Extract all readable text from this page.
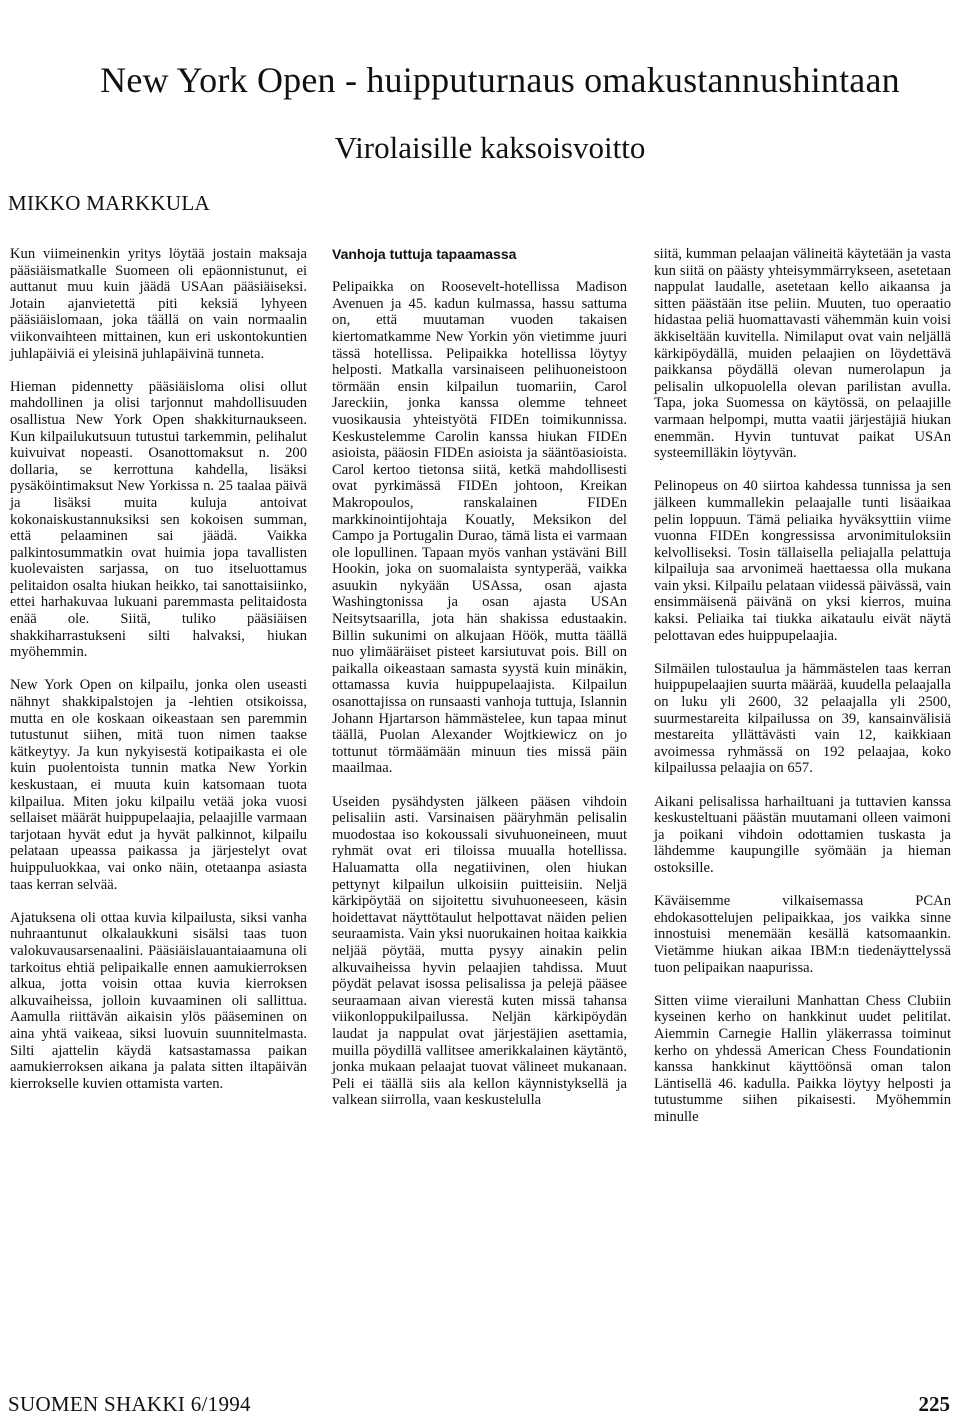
New York Open - huipputurnaus omakustannushintaan
Virolaisille kaksoisvoitto
MIKKO MARKKULA

Kun viimeinenkin yritys löytää jostain maksaja pääsiäismatkalle Suomeen oli epäonnistunut, ei auttanut muu kuin jäädä USAan pääsiäiseksi. Jotain ajanvietettä piti keksiä lyhyeen pääsiäislomaan, joka täällä on vain normaalin viikonvaihteen mittainen, kun eri uskontokuntien juhlapäiviä ei yleisinä juhlapäivinä tunneta.

Hieman pidennetty pääsiäisloma olisi ollut mahdollinen ja olisi tarjonnut mahdollisuuden osallistua New York Open shakkiturnaukseen. Kun kilpailukutsuun tutustui tarkemmin, pelihalut kuivuivat nopeasti. Osanottomaksut n. 200 dollaria, se kerrottuna kahdella, lisäksi pysäköintimaksut New Yorkissa n. 25 taalaa päivä ja lisäksi muita kuluja antoivat kokonaiskustannuksiksi sen kokoisen summan, että pelaaminen sai jäädä. Vaikka palkintosummatkin ovat huimia jopa tavallisten kuolevaisten sarjassa, on tuo itseluottamus pelitaidon osalta hiukan heikko, tai sanottaisiinko, ettei harhakuvaa lukuani paremmasta pelitaidosta enää ole. Siitä, tuliko pääsiäisen shakkiharrastukseni silti halvaksi, hiukan myöhemmin.

New York Open on kilpailu, jonka olen useasti nähnyt shakkipalstojen ja -lehtien otsikoissa, mutta en ole koskaan oikeastaan sen paremmin tutustunut siihen, mitä tuon nimen taakse kätkeytyy. Ja kun nykyisestä kotipaikasta ei ole kuin puolentoista tunnin matka New Yorkin keskustaan, ei muuta kuin katsomaan tuota kilpailua. Miten joku kilpailu vetää joka vuosi sellaiset määrät huippupelaajia, pelaajille varmaan tarjotaan hyvät edut ja hyvät palkinnot, kilpailu pelataan upeassa paikassa ja järjestelyt ovat huippuluokkaa, vai onko näin, otetaanpa asiasta taas kerran selvää.

Ajatuksena oli ottaa kuvia kilpailusta, siksi vanha nuhraantunut olkalaukkuni sisälsi taas tuon valokuvausarsenaalini. Pääsiäislauantaiaamuna oli tarkoitus ehtiä pelipaikalle ennen aamukierroksen alkua, jotta voisin ottaa kuvia kierroksen alkuvaiheissa, jolloin kuvaaminen oli sallittua. Aamulla riittävän aikaisin ylös pääseminen on aina yhtä vaikeaa, siksi luovuin suunnitelmasta. Silti ajattelin käydä katsastamassa paikan aamukierroksen aikana ja palata sitten iltapäivän kierrokselle kuvien ottamista varten.

Vanhoja tuttuja tapaamassa

Pelipaikka on Roosevelt-hotellissa Madison Avenuen ja 45. kadun kulmassa, hassu sattuma on, että muutaman vuoden takaisen kiertomatkamme New Yorkin yön vietimme juuri tässä hotellissa. Pelipaikka hotellissa löytyy helposti. Matkalla varsinaiseen pelihuoneistoon törmään ensin kilpailun tuomariin, Carol Jareckiin, jonka kanssa olemme tehneet vuosikausia yhteistyötä FIDEn toimikunnissa. Keskustelemme Carolin kanssa hiukan FIDEn asioista, pääosin FIDEn asioista ja sääntöasioista. Carol kertoo tietonsa siitä, ketkä mahdollisesti ovat pyrkimässä FIDEn johtoon, Kreikan Makropoulos, ranskalainen FIDEn markkinointijohtaja Kouatly, Meksikon del Campo ja Portugalin Durao, tämä lista ei varmaan ole lopullinen. Tapaan myös vanhan ystäväni Bill Hookin, joka on suomalaista syntyperää, vaikka asuukin nykyään USAssa, osan ajasta Washingtonissa ja osan ajasta USAn Neitsytsaarilla, jota hän shakissa edustaakin. Billin sukunimi on alkujaan Höök, mutta täällä nuo ylimääräiset pisteet karsiutuvat pois. Bill on paikalla oikeastaan samasta syystä kuin minäkin, ottamassa kuvia huippupelaajista. Kilpailun osanottajissa on runsaasti vanhoja tuttuja, Islannin Johann Hjartarson hämmästelee, kun tapaa minut täällä, Puolan Alexander Wojtkiewicz on jo tottunut törmäämään minuun ties missä päin maailmaa.

Useiden pysähdysten jälkeen pääsen vihdoin pelisaliin asti. Varsinaisen pääryhmän pelisalin muodostaa iso kokoussali sivuhuoneineen, muut ryhmät ovat eri tiloissa muualla hotellissa. Haluamatta olla negatiivinen, olen hiukan pettynyt kilpailun ulkoisiin puitteisiin. Neljä kärkipöytää on sijoitettu sivuhuoneeseen, käsin hoidettavat näyttötaulut helpottavat näiden pelien seuraamista. Vain yksi nuorukainen hoitaa kaikkia neljää pöytää, mutta pysyy ainakin pelin alkuvaiheissa hyvin pelaajien tahdissa. Muut pöydät pelavat isossa pelisalissa ja pelejä pääsee seuraamaan aivan vierestä kuten missä tahansa viikonloppukilpailussa. Neljän kärkipöydän laudat ja nappulat ovat järjestäjien asettamia, muilla pöydillä vallitsee amerikkalainen käytäntö, jonka mukaan pelaajat tuovat välineet mukanaan. Peli ei täällä siis ala kellon käynnistyksellä ja valkean siirrolla, vaan keskustelulla

siitä, kumman pelaajan välineitä käytetään ja vasta kun siitä on päästy yhteisymmärrykseen, asetetaan nappulat laudalle, asetetaan kello aikaansa ja sitten päästään itse peliin. Muuten, tuo operaatio hidastaa peliä huomattavasti vähemmän kuin voisi äkkiseltään kuvitella. Nimilaput ovat vain neljällä kärkipöydällä, muiden pelaajien on löydettävä paikkansa pöydällä olevan numerolapun ja pelisalin ulkopuolella olevan parilistan avulla. Tapa, joka Suomessa on käytössä, on pelaajille varmaan helpompi, mutta vaatii järjestäjiä hiukan enemmän. Hyvin tuntuvat paikat USAn systeemilläkin löytyvän.

Pelinopeus on 40 siirtoa kahdessa tunnissa ja sen jälkeen kummallekin pelaajalle tunti lisäaikaa pelin loppuun. Tämä peliaika hyväksyttiin viime vuonna FIDEn kongressissa arvonimituloksiin kelvolliseksi. Tosin tällaisella peliajalla pelattuja kilpailuja saa arvonimeä haettaessa olla mukana vain yksi. Kilpailu pelataan viidessä päivässä, vain ensimmäisenä päivänä on yksi kierros, muina kaksi. Peliaika tai tiukka aikataulu eivät näytä pelottavan edes huippupelaajia.

Silmäilen tulostaulua ja hämmästelen taas kerran huippupelaajien suurta määrää, kuudella pelaajalla on luku yli 2600, 32 pelaajalla yli 2500, suurmestareita kilpailussa on 39, kansainvälisiä mestareita yllättävästi vain 12, kaikkiaan avoimessa ryhmässä on 192 pelaajaa, koko kilpailussa pelaajia on 657.

Aikani pelisalissa harhailtuani ja tuttavien kanssa keskusteltuani päästän muutamani olleen vaimoni ja poikani vihdoin odottamien tuskasta ja lähdemme kaupungille syömään ja hieman ostoksille.

Käväisemme vilkaisemassa PCAn ehdokasottelujen pelipaikkaa, jos vaikka sinne innostuisi menemään kesällä katsomaankin. Vietämme hiukan aikaa IBM:n tiedenäyttelyssä tuon pelipaikan naapurissa.

Sitten viime vierailuni Manhattan Chess Clubiin kyseinen kerho on hankkinut uudet pelitilat. Aiemmin Carnegie Hallin yläkerrassa toiminut kerho on yhdessä American Chess Foundationin kanssa hankkinut käyttöönsä oman talon Läntisellä 46. kadulla. Paikka löytyy helposti ja tutustumme siihen pikaisesti. Myöhemmin minulle

SUOMEN SHAKKI 6/1994	225
